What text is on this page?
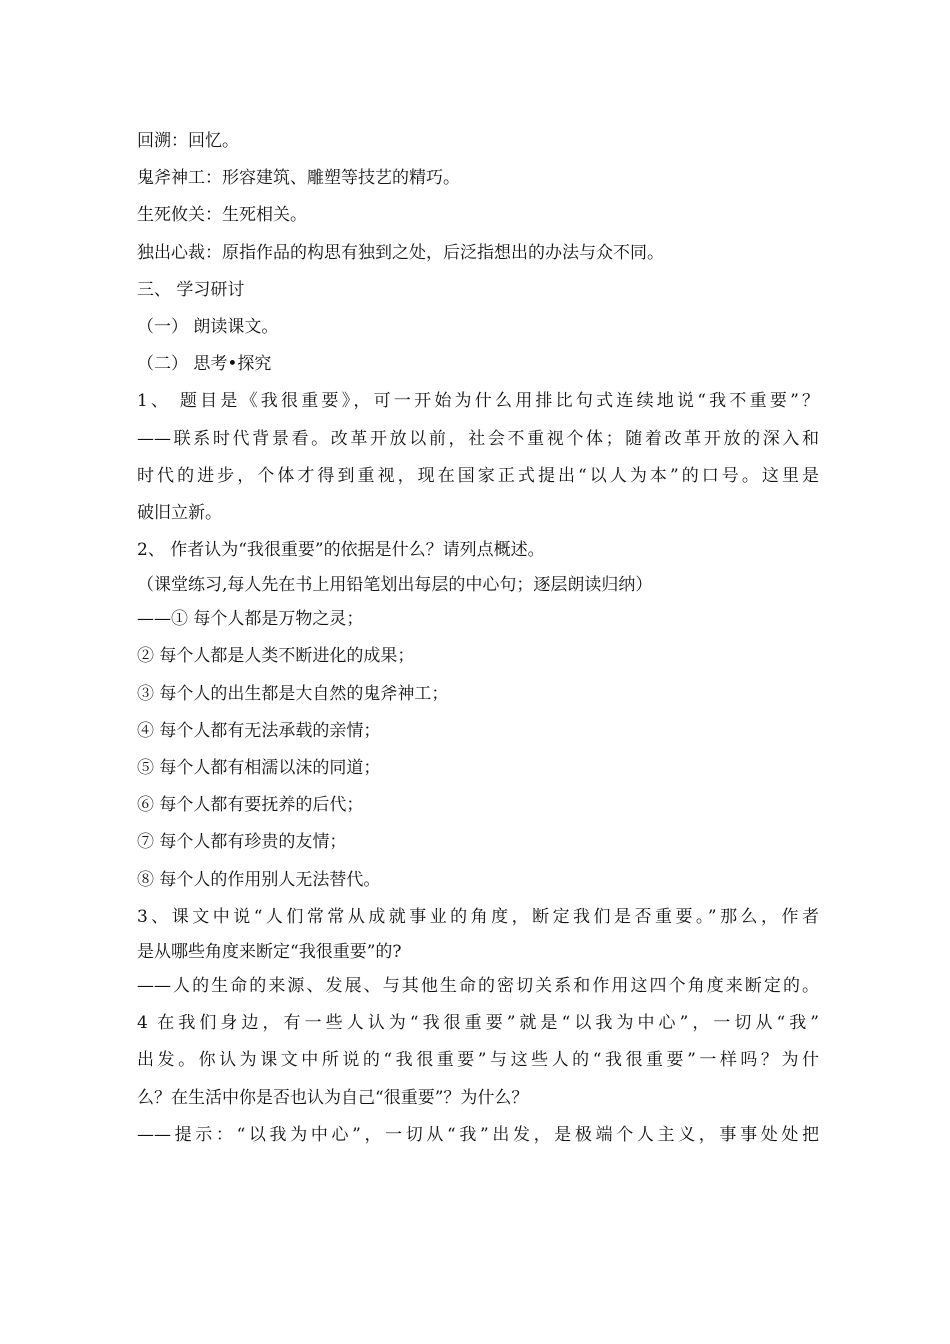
回溯：回忆。
鬼斧神工：形容建筑、雕塑等技艺的精巧。
生死攸关：生死相关。
独出心裁：原指作品的构思有独到之处，后泛指想出的办法与众不同。
三、 学习研讨
（一） 朗读课文。
（二） 思考•探究
1、 题目是《我很重要》，可一开始为什么用排比句式连续地说“我不重要”？
——联系时代背景看。改革开放以前，社会不重视个体；随着改革开放的深入和
时代的进步，个体才得到重视，现在国家正式提出“以人为本”的口号。这里是
破旧立新。
2、 作者认为“我很重要”的依据是什么？请列点概述。
（课堂练习,每人先在书上用铅笔划出每层的中心句；逐层朗读归纳）
——① 每个人都是万物之灵；
② 每个人都是人类不断进化的成果；
③ 每个人的出生都是大自然的鬼斧神工；
④ 每个人都有无法承载的亲情；
⑤ 每个人都有相濡以沫的同道；
⑥ 每个人都有要抚养的后代；
⑦ 每个人都有珍贵的友情；
⑧ 每个人的作用别人无法替代。
3、课文中说“人们常常从成就事业的角度，断定我们是否重要。”那么，作者
是从哪些角度来断定“我很重要”的?
——人的生命的来源、发展、与其他生命的密切关系和作用这四个角度来断定的。
4 在我们身边，有一些人认为“我很重要”就是“以我为中心”，一切从“我”
出发。你认为课文中所说的“我很重要”与这些人的“我很重要”一样吗？为什
么？在生活中你是否也认为自己“很重要”？为什么？
——提示：“以我为中心”，一切从“我”出发，是极端个人主义，事事处处把
